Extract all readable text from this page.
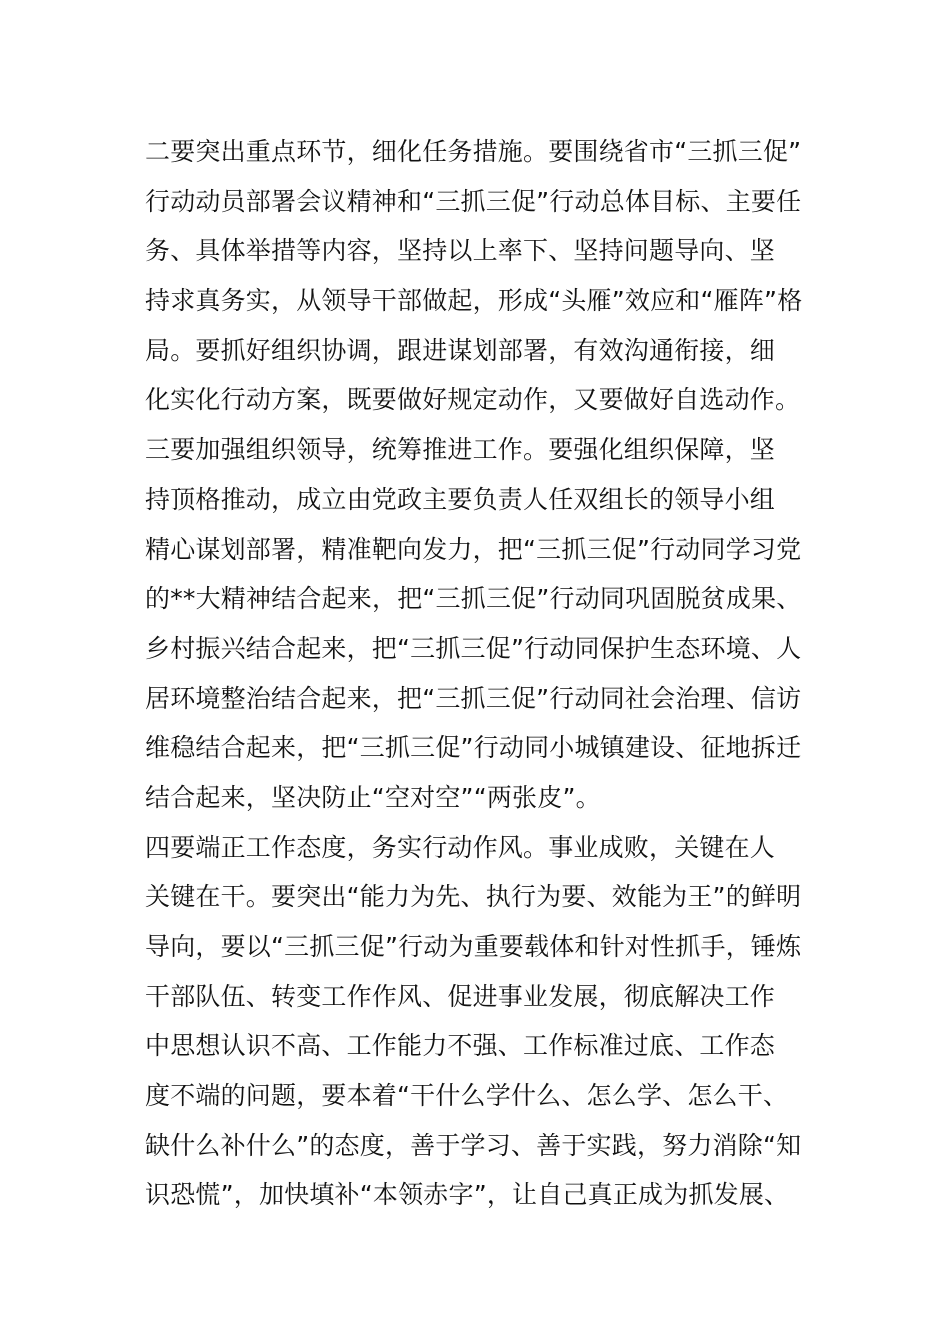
二要突出重点环节，细化任务措施。要围绕省市“三抓三促”
行动动员部署会议精神和“三抓三促”行动总体目标、主要任
务、具体举措等内容，坚持以上率下、坚持问题导向、坚
持求真务实，从领导干部做起，形成“头雁”效应和“雁阵”格
局。要抓好组织协调，跟进谋划部署，有效沟通衔接，细
化实化行动方案，既要做好规定动作，又要做好自选动作。
三要加强组织领导，统筹推进工作。要强化组织保障，坚
持顶格推动，成立由党政主要负责人任双组长的领导小组
精心谋划部署，精准靶向发力，把“三抓三促”行动同学习党
的**大精神结合起来，把“三抓三促”行动同巩固脱贫成果、
乡村振兴结合起来，把“三抓三促”行动同保护生态环境、人
居环境整治结合起来，把“三抓三促”行动同社会治理、信访
维稳结合起来，把“三抓三促”行动同小城镇建设、征地拆迁
结合起来，坚决防止“空对空”“两张皮”。
四要端正工作态度，务实行动作风。事业成败，关键在人
关键在干。要突出“能力为先、执行为要、效能为王”的鲜明
导向，要以“三抓三促”行动为重要载体和针对性抓手，锤炼
干部队伍、转变工作作风、促进事业发展，彻底解决工作
中思想认识不高、工作能力不强、工作标准过底、工作态
度不端的问题，要本着“干什么学什么、怎么学、怎么干、
缺什么补什么”的态度，善于学习、善于实践，努力消除“知
识恐慌”，加快填补“本领赤字”，让自己真正成为抓发展、
